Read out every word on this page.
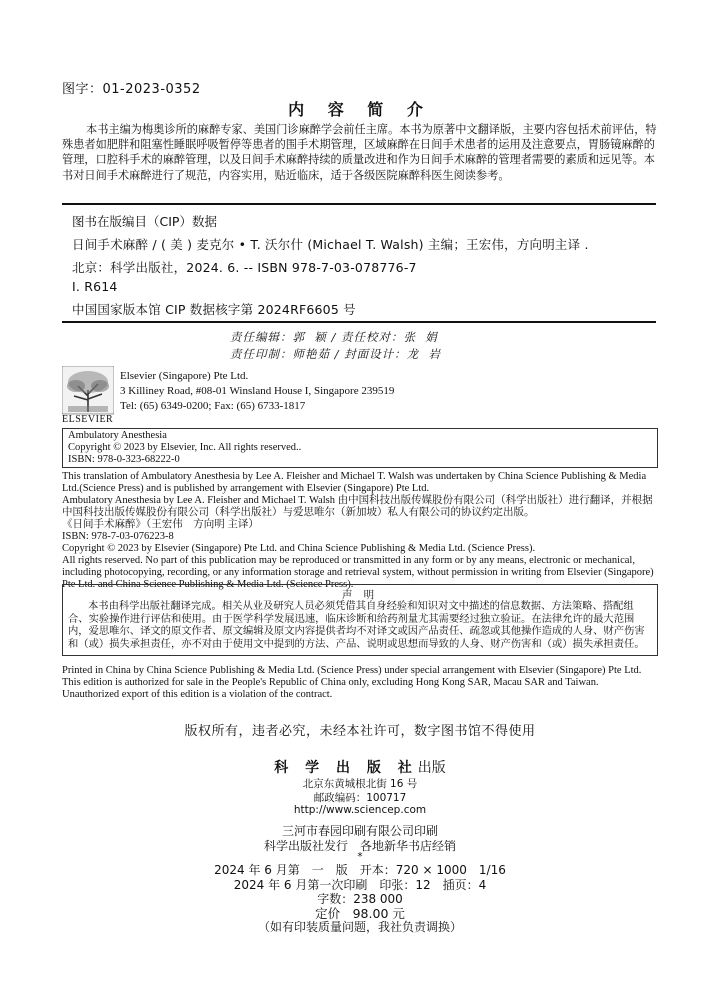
图字：01-2023-0352
内 容 简 介
本书主编为梅奥诊所的麻醉专家、美国门诊麻醉学会前任主席。本书为原著中文翻译版，主要内容包括术前评估，特殊患者如肥胖和阻塞性睡眠呼吸暂停等患者的围手术期管理，区域麻醉在日间手术患者的运用及注意要点，胃肠镜麻醉的管理，口腔科手术的麻醉管理，以及日间手术麻醉持续的质量改进和作为日间手术麻醉的管理者需要的素质和远见等。本书对日间手术麻醉进行了规范，内容实用，贴近临床，适于各级医院麻醉科医生阅读参考。
图书在版编目（CIP）数据
日间手术麻醉 / ( 美 ) 麦克尔 • T. 沃尔什 (Michael T. Walsh) 主编；王宏伟，方向明主译 .
北京：科学出版社，2024. 6. -- ISBN 978-7-03-078776-7
Ⅰ. R614
中国国家版本馆 CIP 数据核字第 2024RF6605 号
责任编辑：郭  颖 / 责任校对：张  娟
责任印制：师艳茹 / 封面设计：龙  岩
ELSEVIER
Elsevier (Singapore) Pte Ltd.
3 Killiney Road, #08-01 Winsland House I, Singapore 239519
Tel: (65) 6349-0200; Fax: (65) 6733-1817
Ambulatory Anesthesia
Copyright © 2023 by Elsevier, Inc. All rights reserved..
ISBN: 978-0-323-68222-0

This translation of Ambulatory Anesthesia by Lee A. Fleisher and Michael T. Walsh was undertaken by China Science Publishing & Media Ltd.(Science Press) and is published by arrangement with Elsevier (Singapore) Pte Ltd.

Ambulatory Anesthesia by Lee A. Fleisher and Michael T. Walsh 由中国科技出版传媒股份有限公司（科学出版社）进行翻译，并根据中国科技出版传媒股份有限公司（科学出版社）与爱思唯尔（新加坡）私人有限公司的协议约定出版。

《日间手术麻醉》（王宏伟　方向明 主译）

ISBN: 978-7-03-076223-8

Copyright © 2023 by Elsevier (Singapore) Pte Ltd. and China Science Publishing & Media Ltd. (Science Press).

All rights reserved. No part of this publication may be reproduced or transmitted in any form or by any means, electronic or mechanical, including photocopying, recording, or any information storage and retrieval system, without permission in writing from Elsevier (Singapore) Pte Ltd. and China Science Publishing & Media Ltd. (Science Press).

声 明
本书由科学出版社翻译完成。相关从业及研究人员必须凭借其自身经验和知识对文中描述的信息数据、方法策略、搭配组合、实验操作进行评估和使用。由于医学科学发展迅速，临床诊断和给药剂量尤其需要经过独立验证。在法律允许的最大范围内，爱思唯尔、译文的原文作者、原文编辑及原文内容提供者均不对译文或因产品责任、疏忽或其他操作造成的人身、财产伤害和（或）损失承担责任，亦不对由于使用文中提到的方法、产品、说明或思想而导致的人身、财产伤害和（或）损失承担责任。
Printed in China by China Science Publishing & Media Ltd. (Science Press) under special arrangement with Elsevier (Singapore) Pte Ltd. This edition is authorized for sale in the People's Republic of China only, excluding Hong Kong SAR, Macau SAR and Taiwan. Unauthorized export of this edition is a violation of the contract.
版权所有，违者必究，未经本社许可，数字图书馆不得使用
科 学 出 版 社出版
北京东黄城根北街 16 号
邮政编码：100717
http://www.sciencep.com
三河市春园印刷有限公司印刷
科学出版社发行　各地新华书店经销
*
2024 年 6 月第　一　版　开本：720 × 1000　1/16
2024 年 6 月第一次印刷　印张：12　插页：4
字数：238 000
定价　98.00 元
（如有印装质量问题，我社负责调换）
